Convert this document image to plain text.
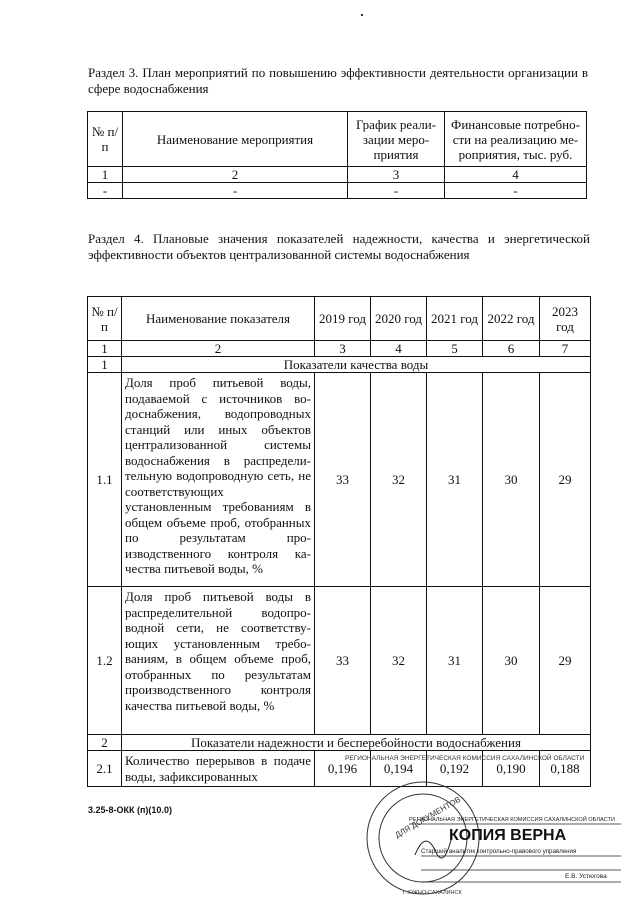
Раздел 3. План мероприятий по повышению эффективности деятельности организации в сфере водоснабжения
№ п/п	Наименование мероприятия	График реализации мероприятия	Финансовые потребности на реализацию мероприятия, тыс. руб.
1	2	3	4
-	-	-	-
Раздел 4. Плановые значения показателей надежности, качества и энергетической эффективности объектов централизованной системы водоснабжения
№ п/п	Наименование показателя	2019 год	2020 год	2021 год	2022 год	2023 год
1	2	3	4	5	6	7
1	Показатели качества воды					
1.1	Доля проб питьевой воды, подаваемой с источников водоснабжения, водопроводных станций или иных объектов централизованной системы водоснабжения в распределительную водопроводную сеть, не соответствующих установленным требованиям в общем объеме проб, отобранных по результатам производственного контроля качества питьевой воды, %	33	32	31	30	29
1.2	Доля проб питьевой воды в распределительной водопроводной сети, не соответствующих установленным требованиям, в общем объеме проб, отобранных по результатам производственного контроля качества питьевой воды, %	33	32	31	30	29
2	Показатели надежности и бесперебойности водоснабжения					
2.1	Количество перерывов в подаче воды, зафиксированных	0,196	0,194	0,192	0,190	0,188
3.25-8-ОКК (п)(10.0)
РЕГИОНАЛЬНАЯ ЭНЕРГЕТИЧЕСКАЯ КОМИССИЯ САХАЛИНСКОЙ ОБЛАСТИ
ДЛЯ ДОКУМЕНТОВ
г. ЮЖНО-САХАЛИНСК
РЕГИОНАЛЬНАЯ ЭНЕРГЕТИЧЕСКАЯ КОМИССИЯ САХАЛИНСКОЙ ОБЛАСТИ
КОПИЯ ВЕРНА
Старший аналитик контрольно-правового управления
Е.В. Устюгова
